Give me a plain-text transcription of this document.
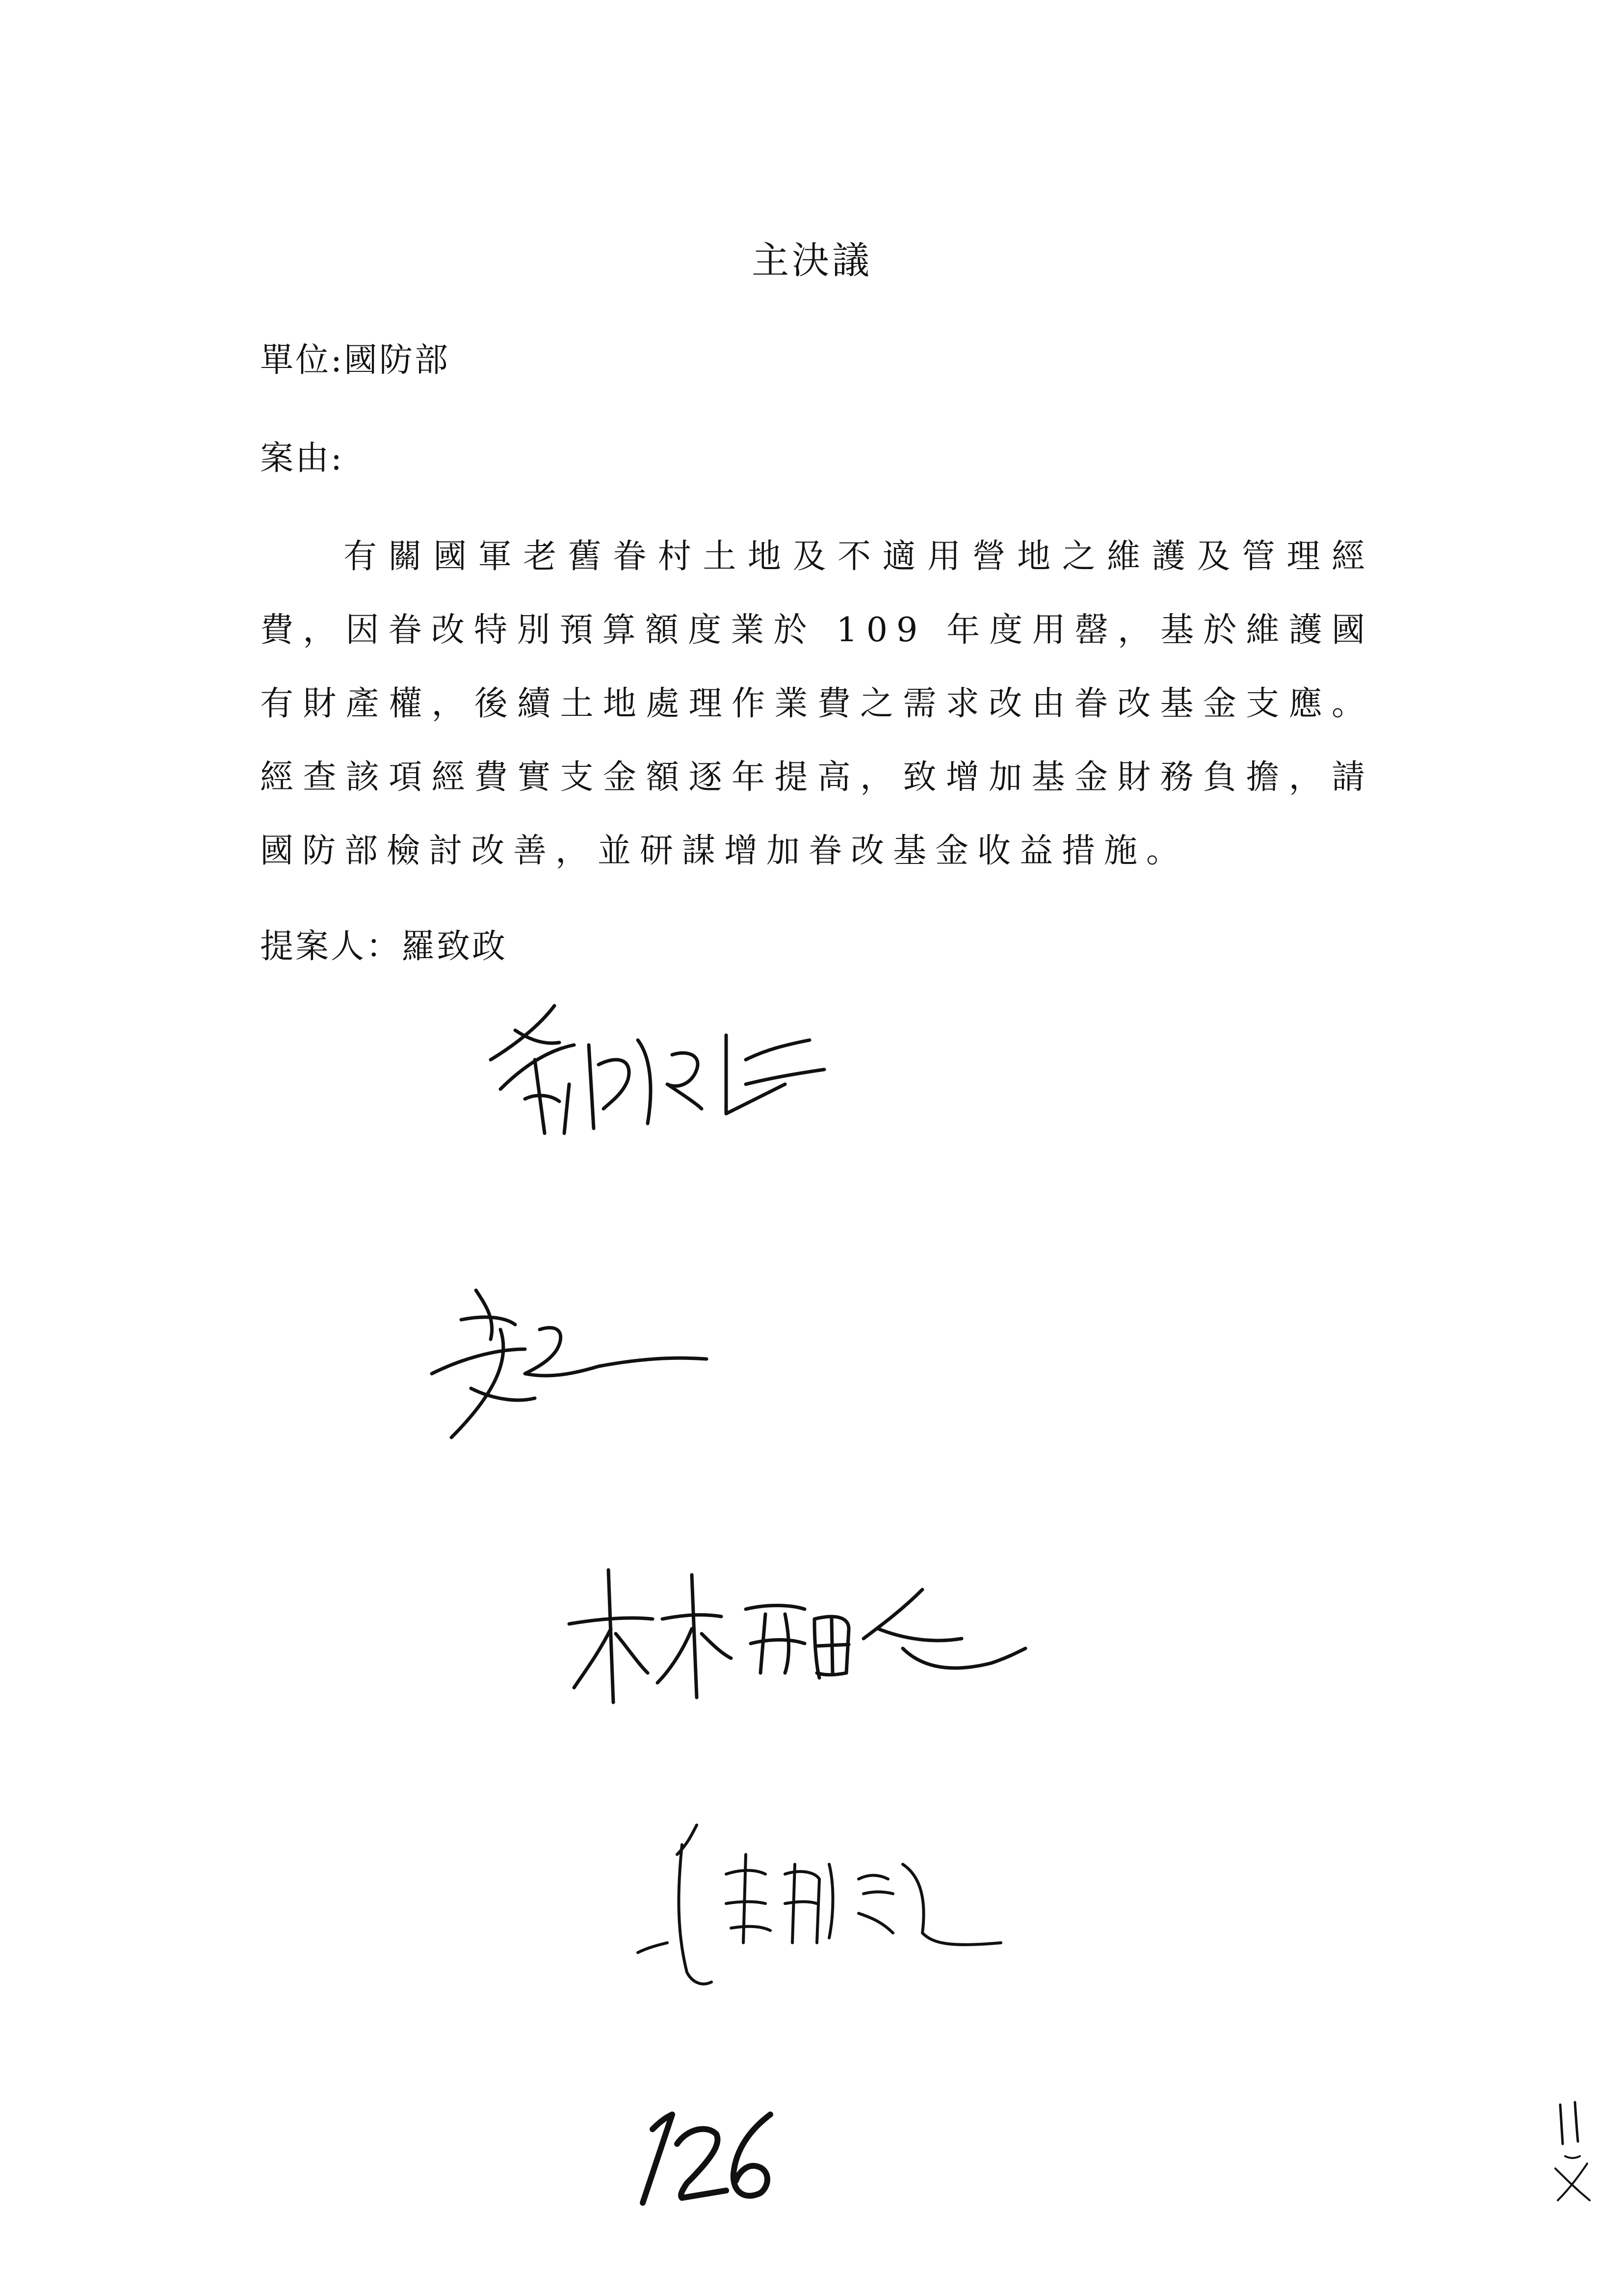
主決議
單位:國防部
案由:
有關國軍老舊眷村土地及不適用營地之維護及管理經費，因眷改特別預算額度業於 109 年度用罄，基於維護國有財產權，後續土地處理作業費之需求改由眷改基金支應。經查該項經費實支金額逐年提高，致增加基金財務負擔，請國防部檢討改善，並研謀增加眷改基金收益措施。
提案人：羅致政
